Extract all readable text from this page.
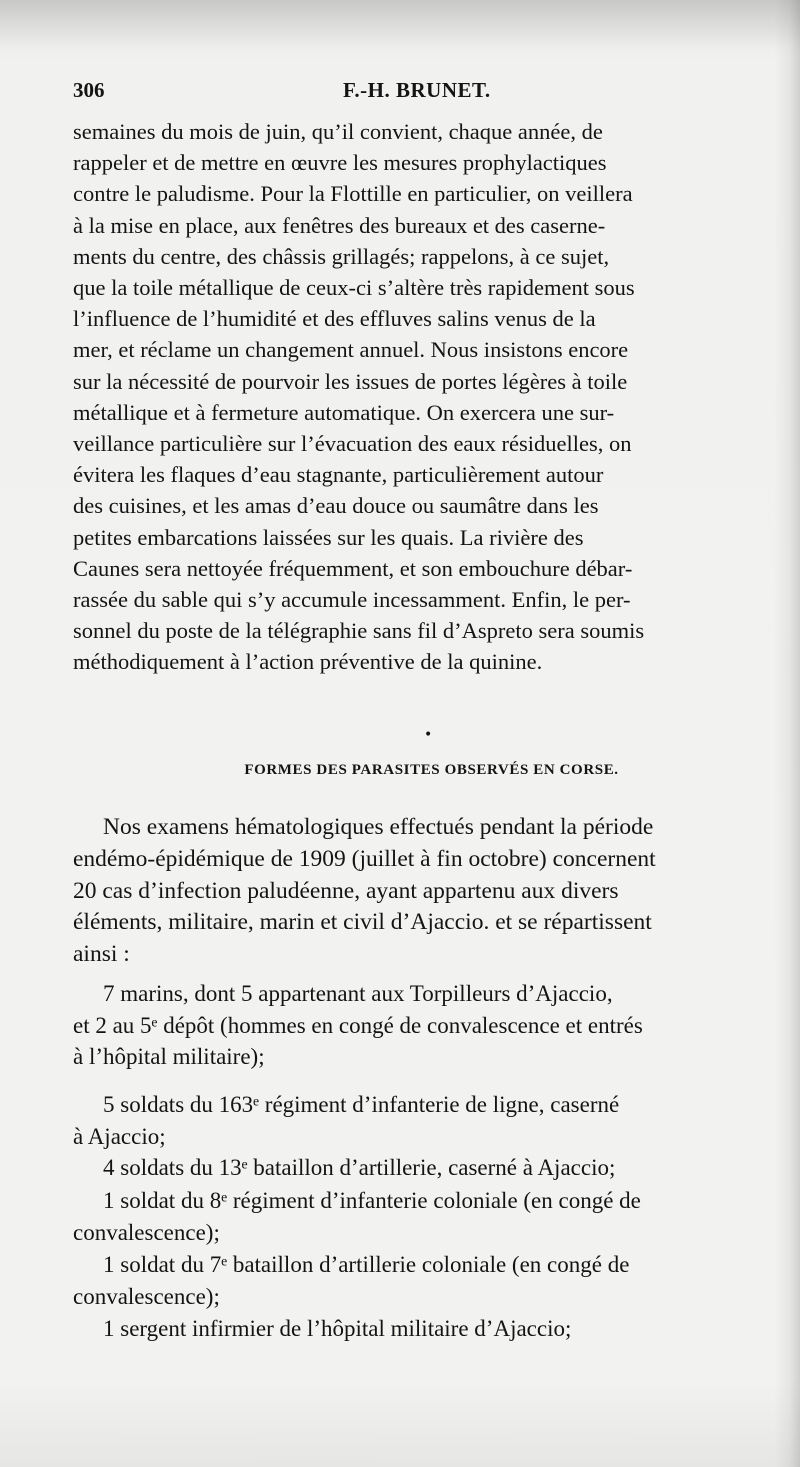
306	F.-H. BRUNET.
semaines du mois de juin, qu’il convient, chaque année, de
rappeler et de mettre en œuvre les mesures prophylactiques
contre le paludisme. Pour la Flottille en particulier, on veillera
à la mise en place, aux fenêtres des bureaux et des caserne-
ments du centre, des châssis grillagés; rappelons, à ce sujet,
que la toile métallique de ceux-ci s’altère très rapidement sous
l’influence de l’humidité et des effluves salins venus de la
mer, et réclame un changement annuel. Nous insistons encore
sur la nécessité de pourvoir les issues de portes légères à toile
métallique et à fermeture automatique. On exercera une sur-
veillance particulière sur l’évacuation des eaux résiduelles, on
évitera les flaques d’eau stagnante, particulièrement autour
des cuisines, et les amas d’eau douce ou saumâtre dans les
petites embarcations laissées sur les quais. La rivière des
Caunes sera nettoyée fréquemment, et son embouchure débar-
rassée du sable qui s’y accumule incessamment. Enfin, le per-
sonnel du poste de la télégraphie sans fil d’Aspreto sera soumis
méthodiquement à l’action préventive de la quinine.
•
FORMES DES PARASITES OBSERVÉS EN CORSE.
Nos examens hématologiques effectués pendant la période
endémo-épidémique de 1909 (juillet à fin octobre) concernent
20 cas d’infection paludéenne, ayant appartenu aux divers
éléments, militaire, marin et civil d’Ajaccio. et se répartissent
ainsi :
7 marins, dont 5 appartenant aux Torpilleurs d’Ajaccio,
et 2 au 5ᵉ dépôt (hommes en congé de convalescence et entrés
à l’hôpital militaire);
5 soldats du 163ᵉ régiment d’infanterie de ligne, caserné
à Ajaccio;
4 soldats du 13ᵉ bataillon d’artillerie, caserné à Ajaccio;
1 soldat du 8ᵉ régiment d’infanterie coloniale (en congé de
convalescence);
1 soldat du 7ᵉ bataillon d’artillerie coloniale (en congé de
convalescence);
1 sergent infirmier de l’hôpital militaire d’Ajaccio;
